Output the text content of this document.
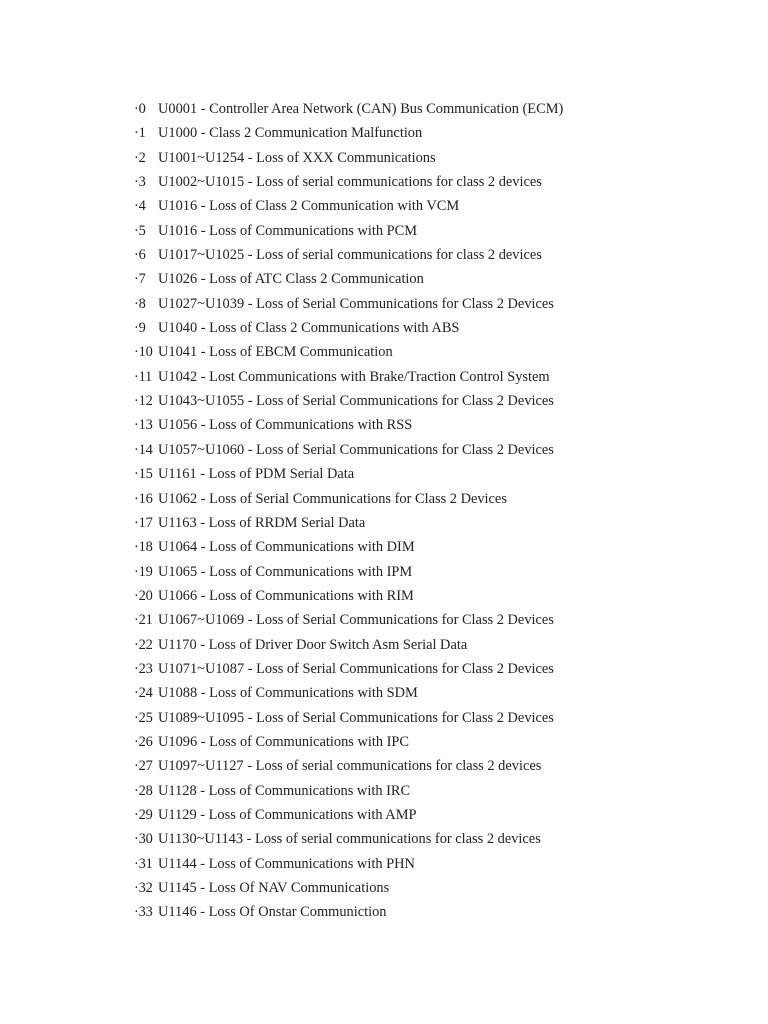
·0 U0001 - Controller Area Network (CAN) Bus Communication (ECM)
·1 U1000 - Class 2 Communication Malfunction
·2 U1001~U1254 - Loss of XXX Communications
·3 U1002~U1015 - Loss of serial communications for class 2 devices
·4 U1016 - Loss of Class 2 Communication with VCM
·5 U1016 - Loss of Communications with PCM
·6 U1017~U1025 - Loss of serial communications for class 2 devices
·7 U1026 - Loss of ATC Class 2 Communication
·8 U1027~U1039 - Loss of Serial Communications for Class 2 Devices
·9 U1040 - Loss of Class 2 Communications with ABS
·10 U1041 - Loss of EBCM Communication
·11 U1042 - Lost Communications with Brake/Traction Control System
·12 U1043~U1055 - Loss of Serial Communications for Class 2 Devices
·13 U1056 - Loss of Communications with RSS
·14 U1057~U1060 - Loss of Serial Communications for Class 2 Devices
·15 U1161 - Loss of PDM Serial Data
·16 U1062 - Loss of Serial Communications for Class 2 Devices
·17 U1163 - Loss of RRDM Serial Data
·18 U1064 - Loss of Communications with DIM
·19 U1065 - Loss of Communications with IPM
·20 U1066 - Loss of Communications with RIM
·21 U1067~U1069 - Loss of Serial Communications for Class 2 Devices
·22 U1170 - Loss of Driver Door Switch Asm Serial Data
·23 U1071~U1087 - Loss of Serial Communications for Class 2 Devices
·24 U1088 - Loss of Communications with SDM
·25 U1089~U1095 - Loss of Serial Communications for Class 2 Devices
·26 U1096 - Loss of Communications with IPC
·27 U1097~U1127 - Loss of serial communications for class 2 devices
·28 U1128 - Loss of Communications with IRC
·29 U1129 - Loss of Communications with AMP
·30 U1130~U1143 - Loss of serial communications for class 2 devices
·31 U1144 - Loss of Communications with PHN
·32 U1145 - Loss Of NAV Communications
·33 U1146 - Loss Of Onstar Communiction
